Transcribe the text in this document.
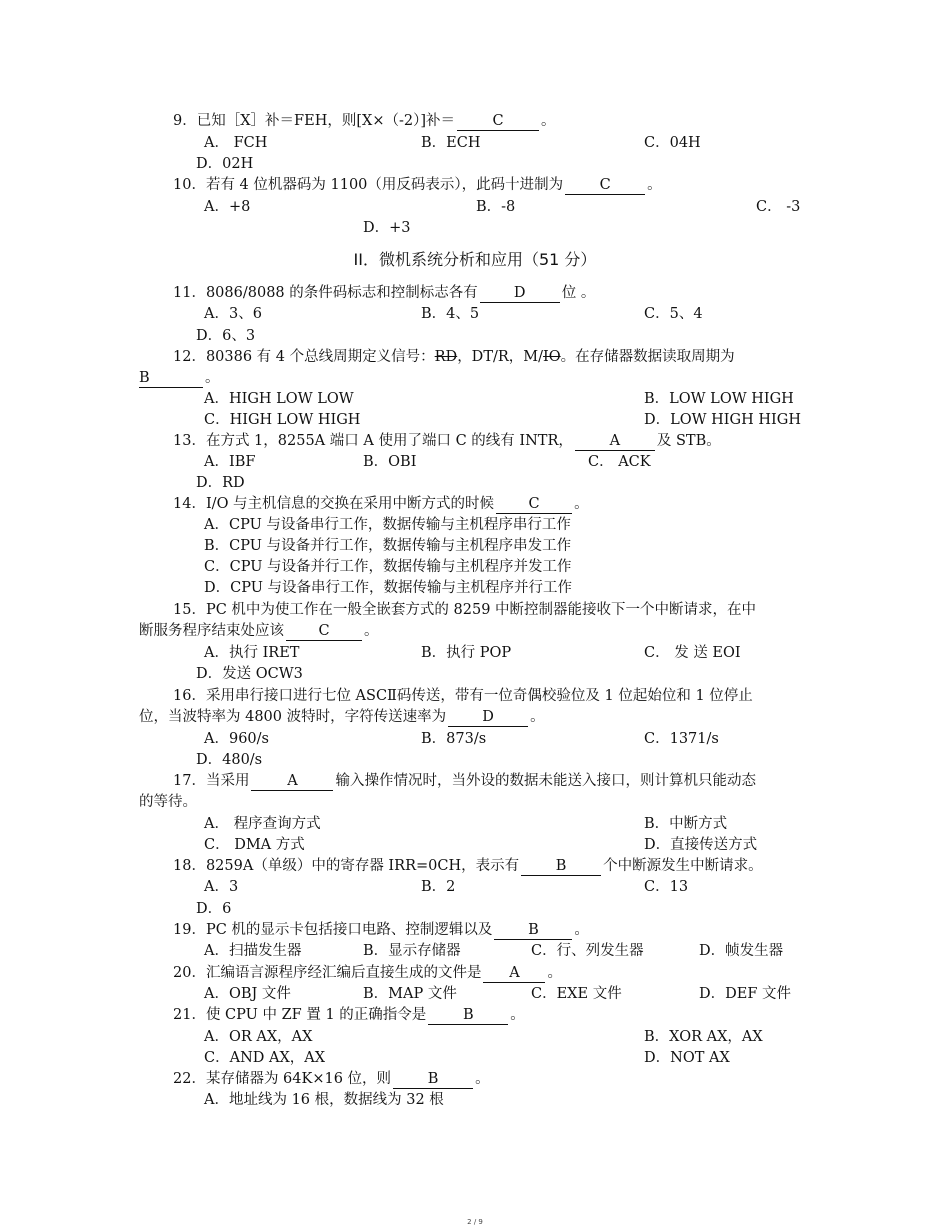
9．已知［X］补＝FEH，则[X×（-2）]补＝	C	。
A． FCH	B．ECH	C．04H
D．02H
10．若有 4 位机器码为 1100（用反码表示），此码十进制为	C	。
A．+8	B．-8	C． -3
D．+3
II．微机系统分析和应用（51 分）
11．8086/8088 的条件码标志和控制标志各有 D 位 。
A．3、6	B．4、5	C．5、4
D．6、3
12．80386 有 4 个总线周期定义信号：RD，DT/R，M/IO。在存储器数据读取周期为
B	。
A．HIGH LOW LOW	B．LOW LOW HIGH
C．HIGH LOW HIGH	D．LOW HIGH HIGH
13．在方式 1，8255A 端口 A 使用了端口 C 的线有 INTR，	A	及 STB。
A．IBF	B．OBI	C． ACK
D．RD
14．I/O 与主机信息的交换在采用中断方式的时候 C 。
A．CPU 与设备串行工作，数据传输与主机程序串行工作
B．CPU 与设备并行工作，数据传输与主机程序串发工作
C．CPU 与设备并行工作，数据传输与主机程序并发工作
D．CPU 与设备串行工作，数据传输与主机程序并行工作
15．PC 机中为使工作在一般全嵌套方式的 8259 中断控制器能接收下一个中断请求，在中
断服务程序结束处应该 C 。
A．执行 IRET	B．执行 POP	C． 发 送 EOI
D．发送 OCW3
16．采用串行接口进行七位 ASCⅡ码传送，带有一位奇偶校验位及 1 位起始位和 1 位停止
位，当波特率为 4800 波特时，字符传送速率为 D 。
A．960/s	B．873/s	C．1371/s
D．480/s
17．当采用	A	输入操作情况时，当外设的数据未能送入接口，则计算机只能动态
的等待。
A． 程序查询方式	B．中断方式
C． DMA 方式	D．直接传送方式
18．8259A（单级）中的寄存器 IRR=0CH，表示有	B	个中断源发生中断请求。
A．3	B．2	C．13
D．6
19．PC 机的显示卡包括接口电路、控制逻辑以及 B 。
A．扫描发生器	B．显示存储器	C．行、列发生器	D．帧发生器
20．汇编语言源程序经汇编后直接生成的文件是 A 。
A．OBJ 文件	B．MAP 文件	C．EXE 文件	D．DEF 文件
21．使 CPU 中 ZF 置 1 的正确指令是	B	。
A．OR AX，AX	B．XOR AX，AX
C．AND AX，AX	D．NOT AX
22．某存储器为 64K×16 位，则	B	。
A．地址线为 16 根，数据线为 32 根
2 / 9
